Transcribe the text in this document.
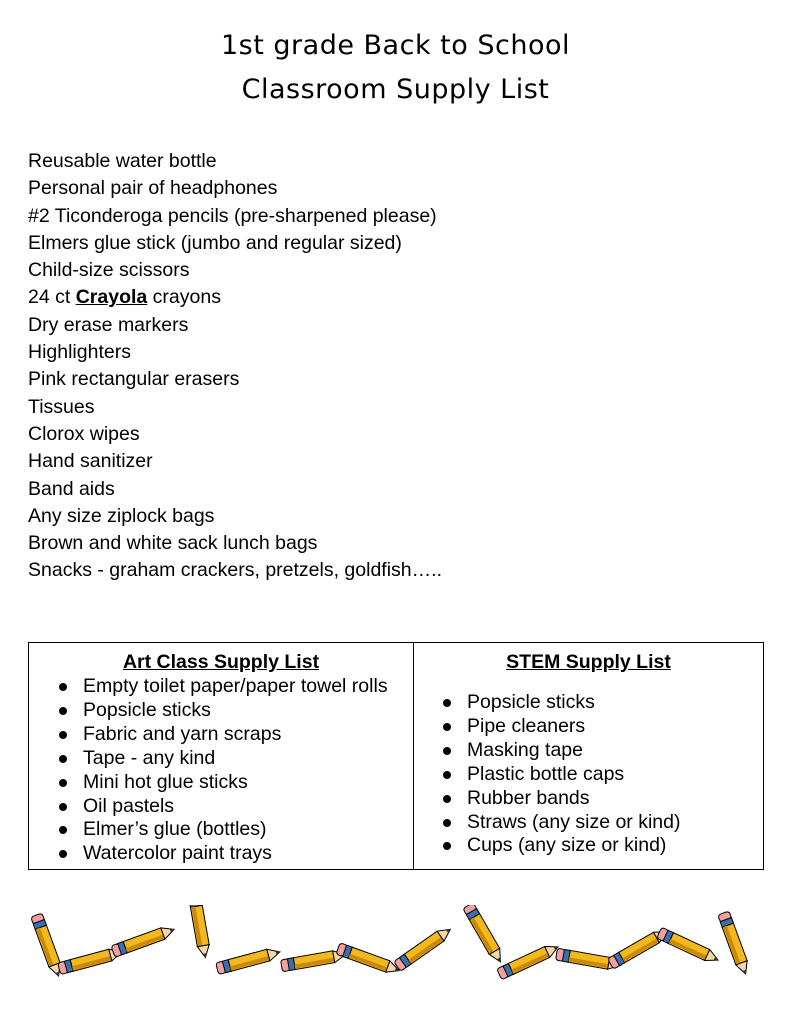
1st grade Back to School
Classroom Supply List
Reusable water bottle
Personal pair of headphones
#2 Ticonderoga pencils (pre-sharpened please)
Elmers glue stick (jumbo and regular sized)
Child-size scissors
24 ct Crayola crayons
Dry erase markers
Highlighters
Pink rectangular erasers
Tissues
Clorox wipes
Hand sanitizer
Band aids
Any size ziplock bags
Brown and white sack lunch bags
Snacks - graham crackers, pretzels, goldfish…..
Art Class Supply List
Empty toilet paper/paper towel rolls
Popsicle sticks
Fabric and yarn scraps
Tape - any kind
Mini hot glue sticks
Oil pastels
Elmer’s glue (bottles)
Watercolor paint trays
STEM Supply List
Popsicle sticks
Pipe cleaners
Masking tape
Plastic bottle caps
Rubber bands
Straws (any size or kind)
Cups (any size or kind)
